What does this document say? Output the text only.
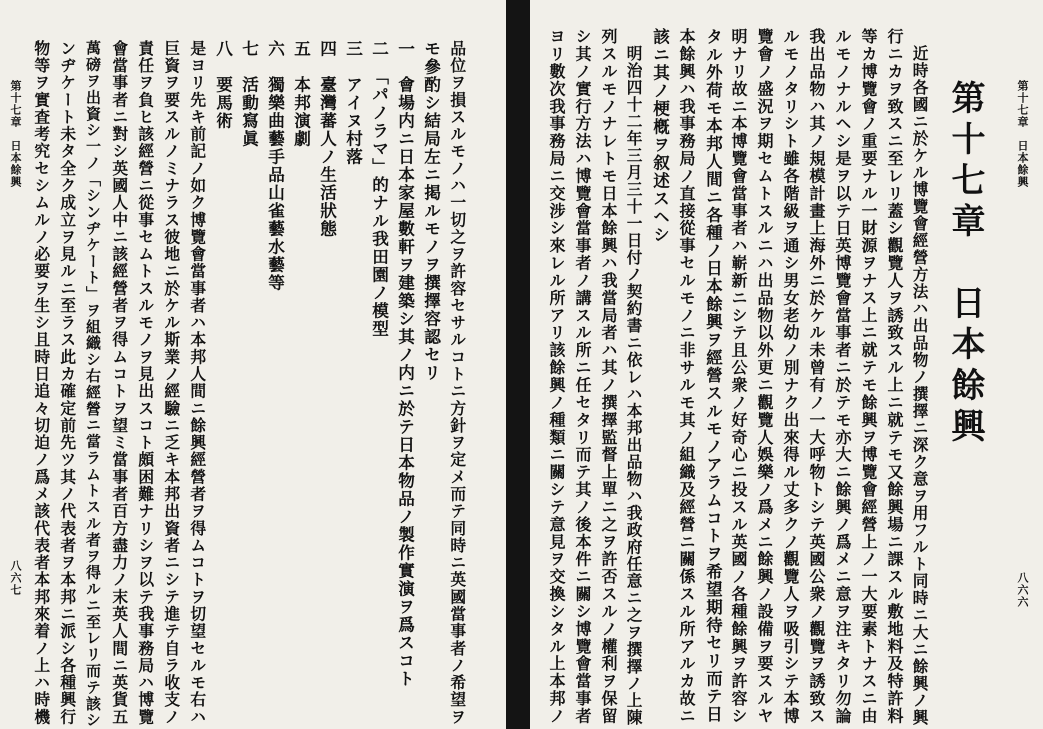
第十七章　日本餘興
八六六
第十七章　日本餘興
近時各國ニ於ケル博覽會經營方法ハ出品物ノ撰擇ニ深ク意ヲ用フルト同時ニ大ニ餘興ノ興
行ニカヲ致スニ至レリ蓋シ觀覽人ヲ誘致スル上ニ就テモ又餘興場ニ課スル敷地料及特許料
等カ博覽會ノ重要ナル一財源ヲナス上ニ就テモ餘興ヲ博覽會經營上ノ一大要素トナスニ由
ルモノナルヘシ是ヲ以テ日英博覽會當事者ニ於テモ亦大ニ餘興ノ爲メニ意ヲ注キタリ勿論
我出品物ハ其ノ規模計畫上海外ニ於ケル未曾有ノ一大呼物トシテ英國公衆ノ觀覽ヲ誘致ス
ルモノタリシト雖各階級ヲ通シ男女老幼ノ別ナク出來得ル丈多クノ觀覽人ヲ吸引シテ本博
覽會ノ盛況ヲ期セムトスルニハ出品物以外更ニ觀覽人娛樂ノ爲メニ餘興ノ設備ヲ要スルヤ
明ナリ故ニ本博覽會當事者ハ嶄新ニシテ且公衆ノ好奇心ニ投スル英國ノ各種餘興ヲ許容シ
タル外荷モ本邦人間ニ各種ノ日本餘興ヲ經營スルモノアラムコトヲ希望期待セリ而テ日
本餘興ハ我事務局ノ直接從事セルモノニ非サルモ其ノ組織及經營ニ關係スル所アルカ故ニ
該ニ其ノ梗槪ヲ叙述スヘシ
明治四十二年三月三十一日付ノ契約書ニ依レハ本邦出品物ハ我政府任意ニ之ヲ撰擇ノ上陳
列スルモノナレトモ日本餘興ハ我當局者ハ其ノ撰擇監督上單ニ之ヲ許否スルノ權利ヲ保留
シ其ノ實行方法ハ博覽會當事者ノ講スル所ニ任セタリ而テ其ノ後本件ニ關シ博覽會當事者
ヨリ數次我事務局ニ交涉シ來レル所アリ該餘興ノ種類ニ關シテ意見ヲ交換シタル上本邦ノ
品位ヲ損スルモノハ一切之ヲ許容セサルコトニ方針ヲ定メ而テ同時ニ英國當事者ノ希望ヲ
モ參酌シ結局左ニ掲ルモノヲ撰擇容認セリ
一　會場内ニ日本家屋數軒ヲ建築シ其ノ内ニ於テ日本物品ノ製作實演ヲ爲スコト
二　「パノラマ」的ナル我田園ノ模型
三　アイヌ村落
四　臺灣蕃人ノ生活狀態
五　本邦演劇
六　獨樂曲藝手品山雀藝水藝等
七　活動寫眞
八　要馬術
是ヨリ先キ前記ノ如ク博覽會當事者ハ本邦人間ニ餘興經營者ヲ得ムコトヲ切望セルモ右ハ
巨資ヲ要スルノミナラス彼地ニ於ケル斯業ノ經驗ニ乏キ本邦出資者ニシテ進テ自ラ收支ノ
責任ヲ負ヒ該經營ニ從事セムトスルモノヲ見出スコト頗困難ナリシヲ以テ我事務局ハ博覽
會當事者ニ對シ英國人中ニ該經營者ヲ得ムコトヲ望ミ當事者百方盡力ノ末英人間ニ英貨五
萬磅ヲ出資シ一ノ「シンヂケート」ヲ組織シ右經營ニ當ラムトスル者ヲ得ルニ至レリ而テ該シ
ンヂケート未タ全ク成立ヲ見ルニ至ラス此カ確定前先ツ其ノ代表者ヲ本邦ニ派シ各種興行
物等ヲ實査考究セシムルノ必要ヲ生シ且時日追々切迫ノ爲メ該代表者本邦來着ノ上ハ時機
第十七章　日本餘興
八六七
